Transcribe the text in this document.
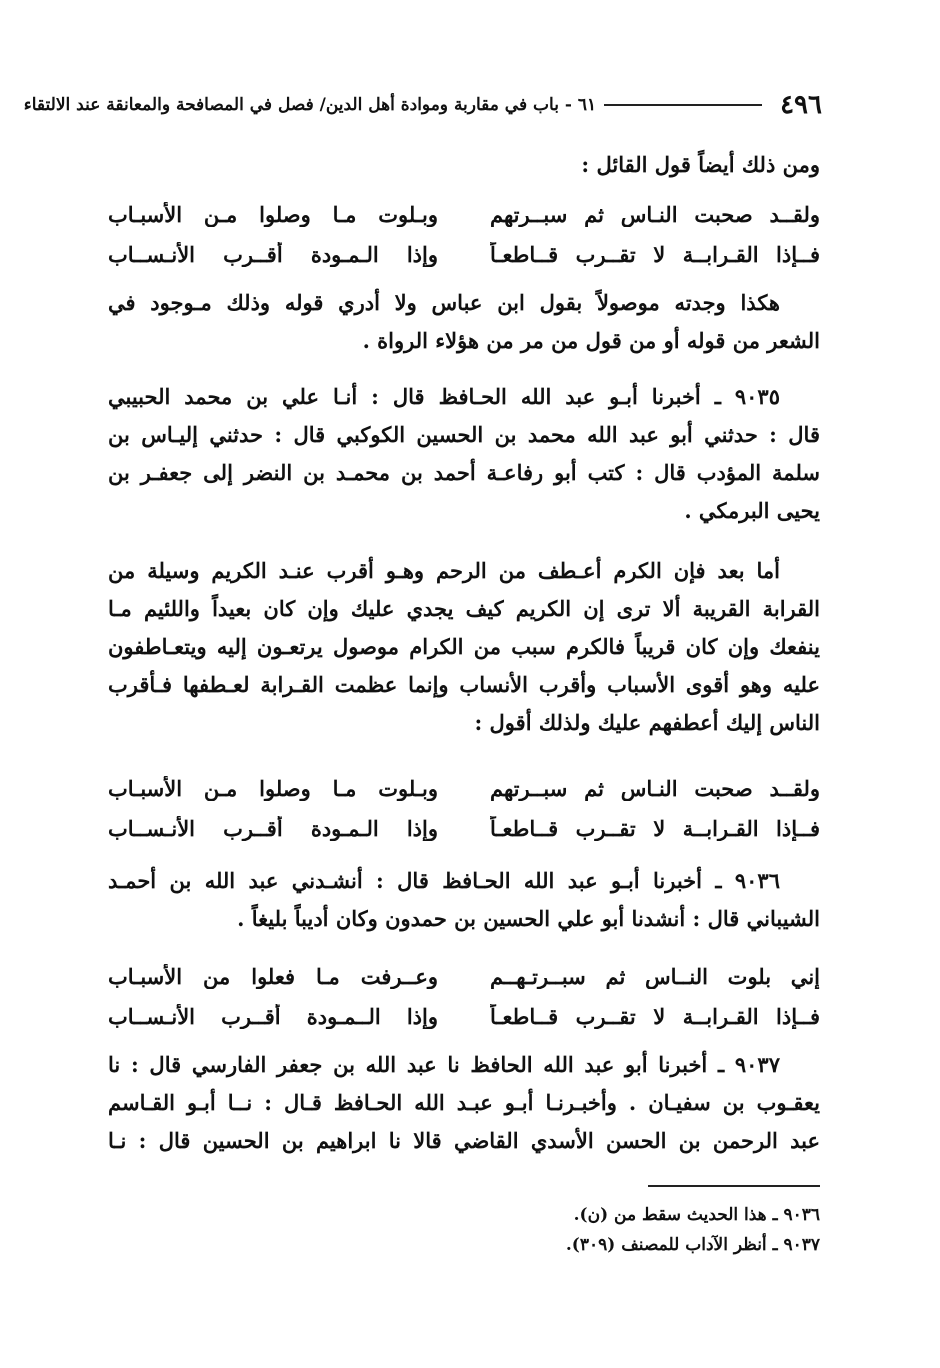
٤٩٦
٦١ - باب في مقاربة وموادة أهل الدين/ فصل في المصافحة والمعانقة عند الالتقاء
ومن ذلك أيضاً قول القائل :
ولقــد صحبت النـاس ثم سبــرتهم
وبـلوت مـا وصلوا مـن الأسبـاب
فــإذا القـرابــة لا تقــرب قــاطعـاً
وإذا الـمـودة أقــرب الأنـســاب
هكذا وجدته موصولاً بقول ابن عباس ولا أدري قوله وذلك مـوجود في
الشعر من قوله أو من قول من مر من هؤلاء الرواة .
٩٠٣٥ ـ أخبرنا أبـو عبد الله الحـافظ قال : أنـا علي بن محمد الحبيبي
قال : حدثني أبو عبد الله محمد بن الحسين الكوكبي قال : حدثني إليـاس بن
سلمة المؤدب قال : كتب أبو رفاعـة أحمد بن محمـد بن النضر إلى جعفـر بن
يحيى البرمكي .
أما بعد فإن الكرم أعـطف من الرحم وهـو أقرب عنـد الكريم وسيلة من
القرابة القريبة ألا ترى إن الكريم كيف يجدي عليك وإن كان بعيداً واللئيم مـا
ينفعك وإن كان قريباً فالكرم سبب من الكرام موصول يرتعـون إليه ويتعـاطفون
عليه وهو أقوى الأسباب وأقرب الأنساب وإنما عظمت القـرابة لعـطفها فـأقرب
الناس إليك أعطفهم عليك ولذلك أقول :
ولقــد صحبت النـاس ثم سبــرتهم
وبـلوت مـا وصلوا مـن الأسبـاب
فــإذا القـرابــة لا تقــرب قــاطعـاً
وإذا الـمـودة أقــرب الأنـســاب
٩٠٣٦ ـ أخبرنا أبـو عبد الله الحـافظ قال : أنشـدني عبد الله بن أحمـد
الشيباني قال : أنشدنا أبو علي الحسين بن حمدون وكان أديباً بليغاً .
إني بلوت النــاس ثم سبــرتـهــم
وعــرفت مـا فعلوا من الأسبـاب
فــإذا القـرابــة لا تقــرب قــاطعـاً
وإذا الــمـودة أقــرب الأنـســاب
٩٠٣٧ ـ أخبرنا أبو عبد الله الحافظ نا عبد الله بن جعفر الفارسي قال : نا
يعقـوب بن سفيـان . وأخبـرنـا أبـو عبـد الله الحـافظ قـال : نــا أبـو القـاسم
عبد الرحمن بن الحسن الأسدي القاضي قالا نا ابراهيم بن الحسين قال : نـا
٩٠٣٦ ـ هذا الحديث سقط من (ن).
٩٠٣٧ ـ أنظر الآداب للمصنف (٣٠٩).
